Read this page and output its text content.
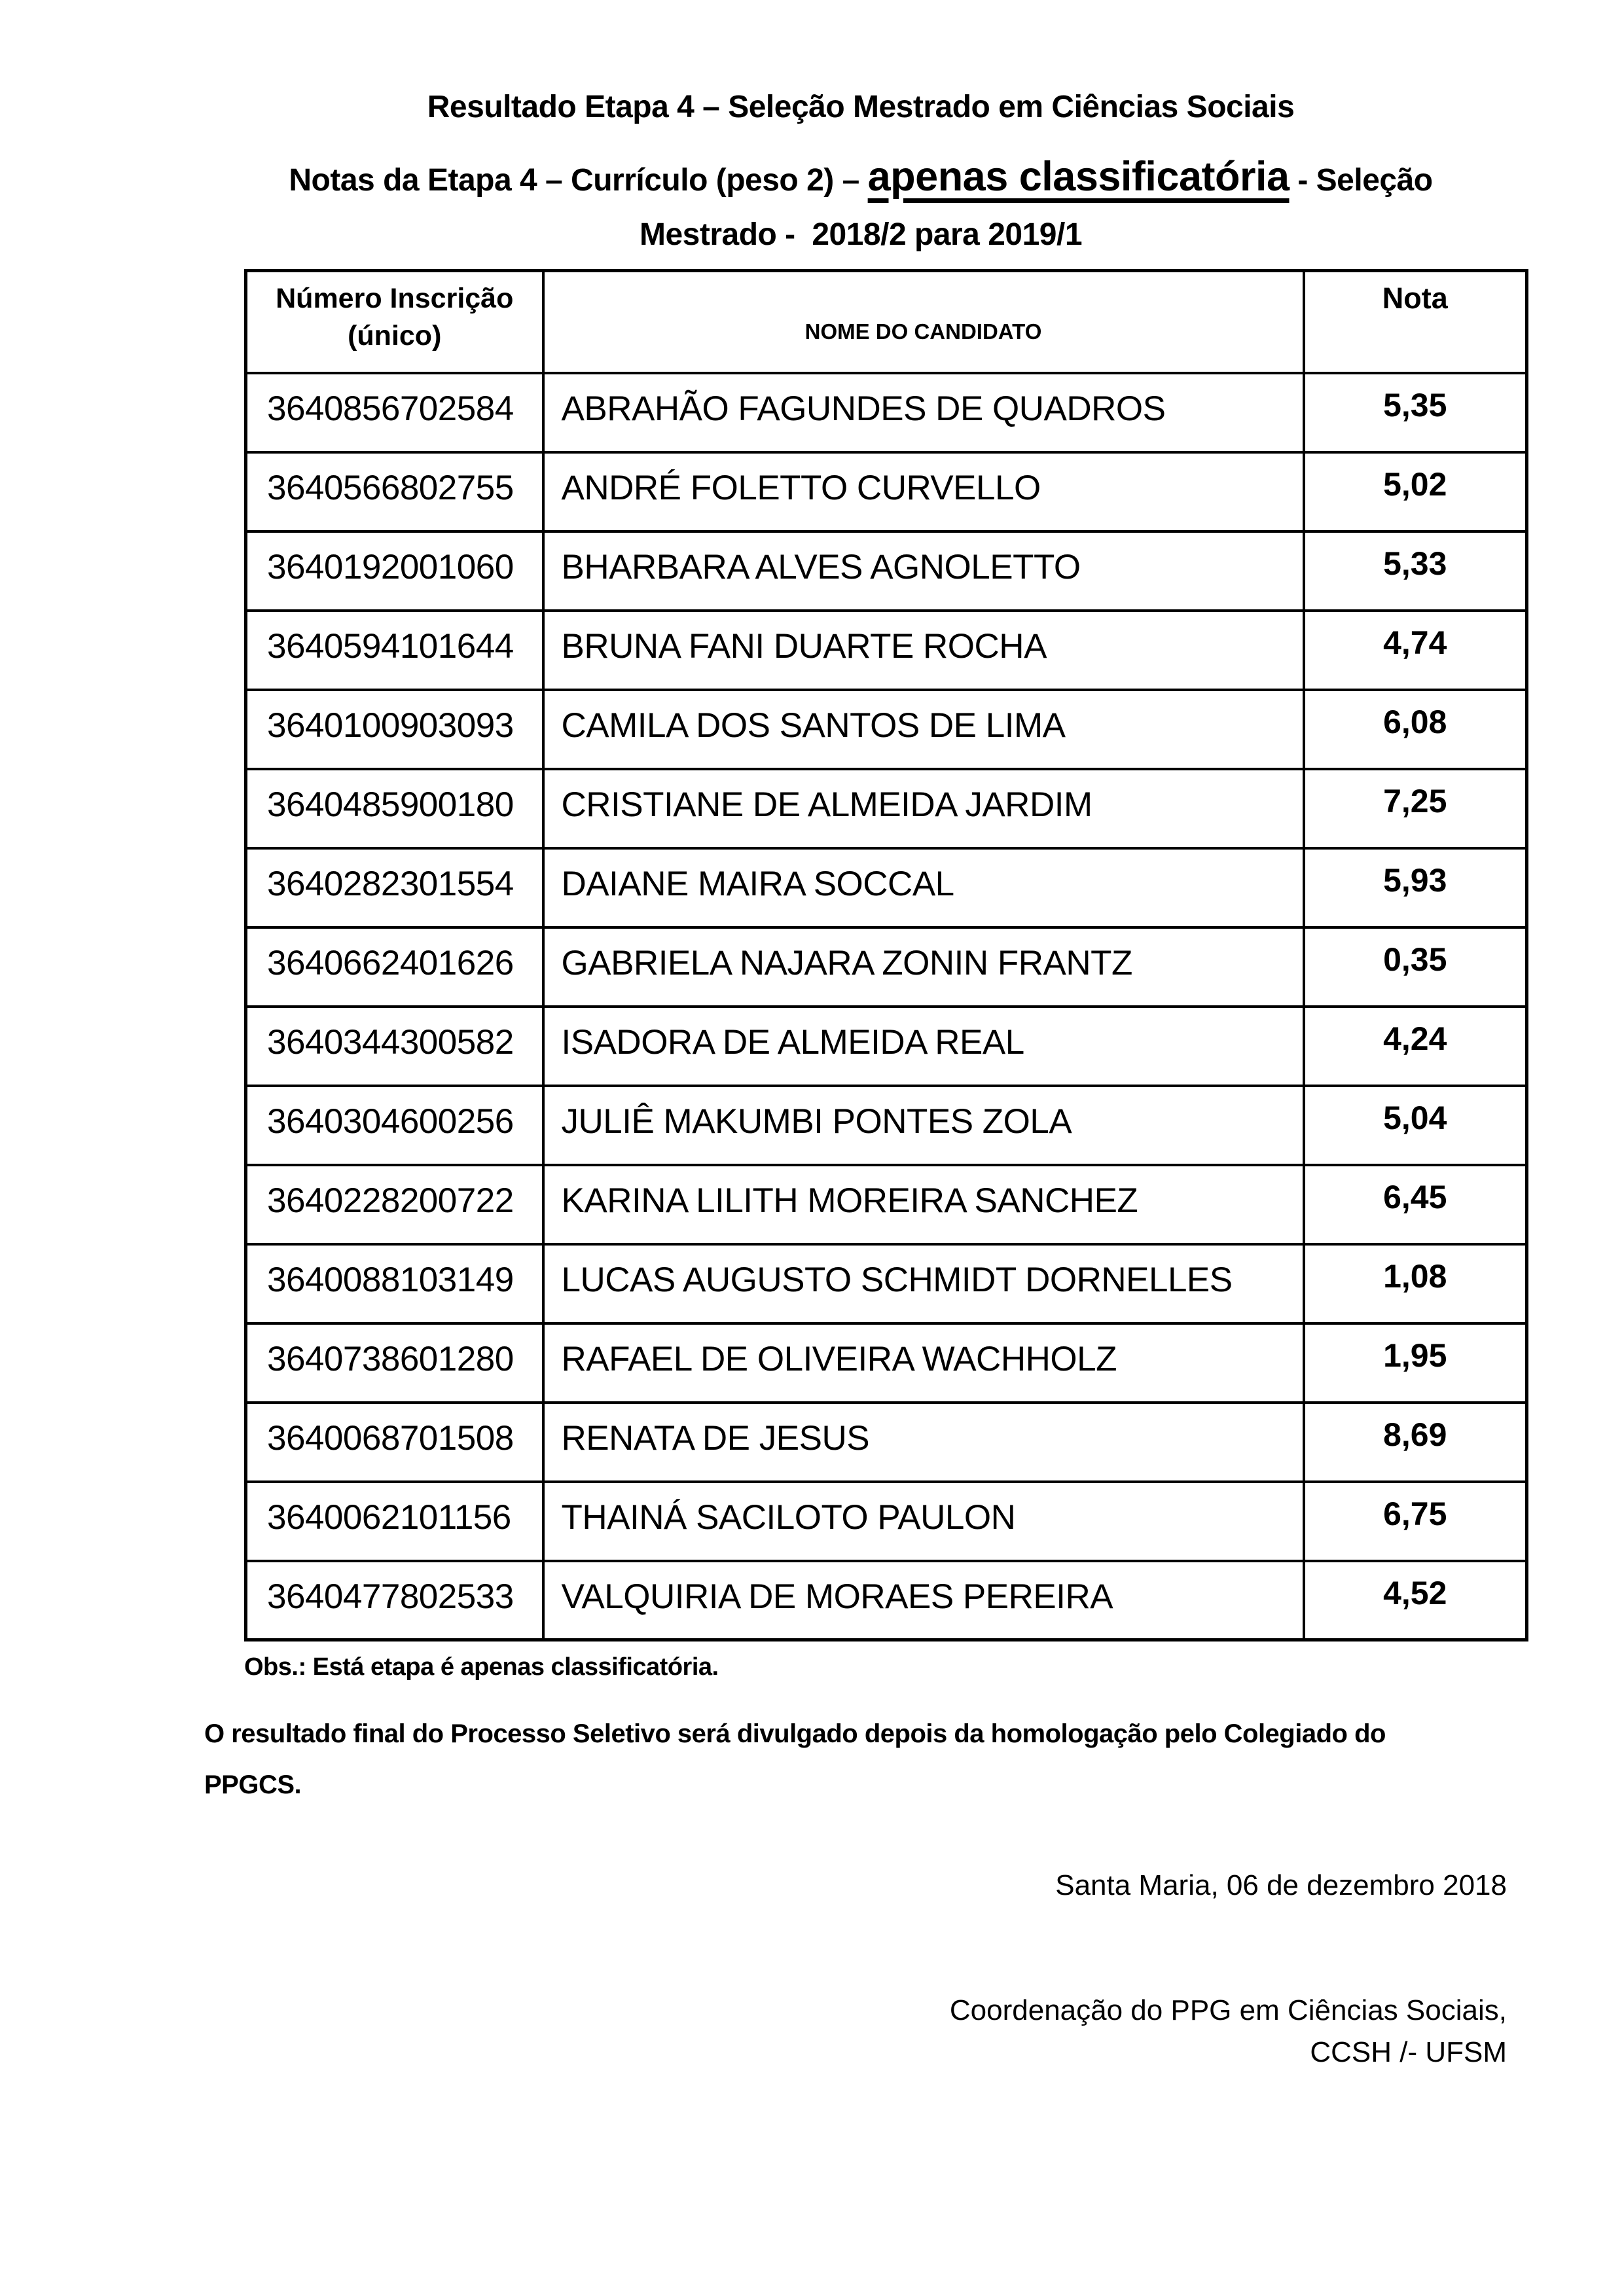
Resultado Etapa 4 – Seleção Mestrado em Ciências Sociais
Notas da Etapa 4 – Currículo (peso 2) – apenas classificatória - Seleção
Mestrado -  2018/2 para 2019/1
Número Inscrição
(único)	NOME DO CANDIDATO	Nota
3640856702584	ABRAHÃO FAGUNDES DE QUADROS	5,35
3640566802755	ANDRÉ FOLETTO CURVELLO	5,02
3640192001060	BHARBARA ALVES AGNOLETTO	5,33
3640594101644	BRUNA FANI DUARTE ROCHA	4,74
3640100903093	CAMILA DOS SANTOS DE LIMA	6,08
3640485900180	CRISTIANE DE ALMEIDA JARDIM	7,25
3640282301554	DAIANE MAIRA SOCCAL	5,93
3640662401626	GABRIELA NAJARA ZONIN FRANTZ	0,35
3640344300582	ISADORA DE ALMEIDA REAL	4,24
3640304600256	JULIÊ MAKUMBI PONTES ZOLA	5,04
3640228200722	KARINA LILITH MOREIRA SANCHEZ	6,45
3640088103149	LUCAS AUGUSTO SCHMIDT DORNELLES	1,08
3640738601280	RAFAEL DE OLIVEIRA WACHHOLZ	1,95
3640068701508	RENATA DE JESUS	8,69
3640062101156	THAINÁ SACILOTO PAULON	6,75
3640477802533	VALQUIRIA DE MORAES PEREIRA	4,52
Obs.: Está etapa é apenas classificatória.
O resultado final do Processo Seletivo será divulgado depois da homologação pelo Colegiado do
PPGCS.
Santa Maria, 06 de dezembro 2018
Coordenação do PPG em Ciências Sociais,
CCSH /- UFSM
